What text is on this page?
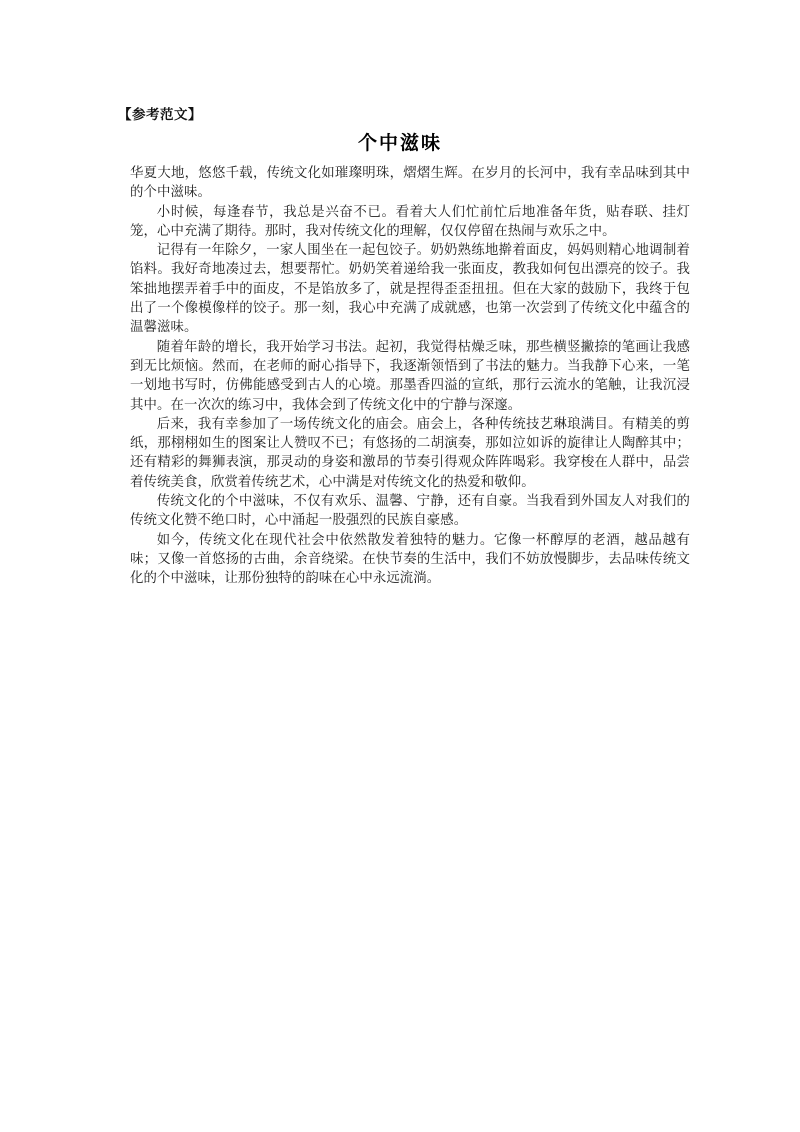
【参考范文】
个中滋味

华夏大地，悠悠千载，传统文化如璀璨明珠，熠熠生辉。在岁月的长河中，我有幸品味到其中的个中滋味。

小时候，每逢春节，我总是兴奋不已。看着大人们忙前忙后地准备年货，贴春联、挂灯笼，心中充满了期待。那时，我对传统文化的理解，仅仅停留在热闹与欢乐之中。

记得有一年除夕，一家人围坐在一起包饺子。奶奶熟练地擀着面皮，妈妈则精心地调制着馅料。我好奇地凑过去，想要帮忙。奶奶笑着递给我一张面皮，教我如何包出漂亮的饺子。我笨拙地摆弄着手中的面皮，不是馅放多了，就是捏得歪歪扭扭。但在大家的鼓励下，我终于包出了一个像模像样的饺子。那一刻，我心中充满了成就感，也第一次尝到了传统文化中蕴含的温馨滋味。

随着年龄的增长，我开始学习书法。起初，我觉得枯燥乏味，那些横竖撇捺的笔画让我感到无比烦恼。然而，在老师的耐心指导下，我逐渐领悟到了书法的魅力。当我静下心来，一笔一划地书写时，仿佛能感受到古人的心境。那墨香四溢的宣纸，那行云流水的笔触，让我沉浸其中。在一次次的练习中，我体会到了传统文化中的宁静与深邃。

后来，我有幸参加了一场传统文化的庙会。庙会上，各种传统技艺琳琅满目。有精美的剪纸，那栩栩如生的图案让人赞叹不已；有悠扬的二胡演奏，那如泣如诉的旋律让人陶醉其中；还有精彩的舞狮表演，那灵动的身姿和激昂的节奏引得观众阵阵喝彩。我穿梭在人群中，品尝着传统美食，欣赏着传统艺术，心中满是对传统文化的热爱和敬仰。

传统文化的个中滋味，不仅有欢乐、温馨、宁静，还有自豪。当我看到外国友人对我们的传统文化赞不绝口时，心中涌起一股强烈的民族自豪感。

如今，传统文化在现代社会中依然散发着独特的魅力。它像一杯醇厚的老酒，越品越有味；又像一首悠扬的古曲，余音绕梁。在快节奏的生活中，我们不妨放慢脚步，去品味传统文化的个中滋味，让那份独特的韵味在心中永远流淌。
